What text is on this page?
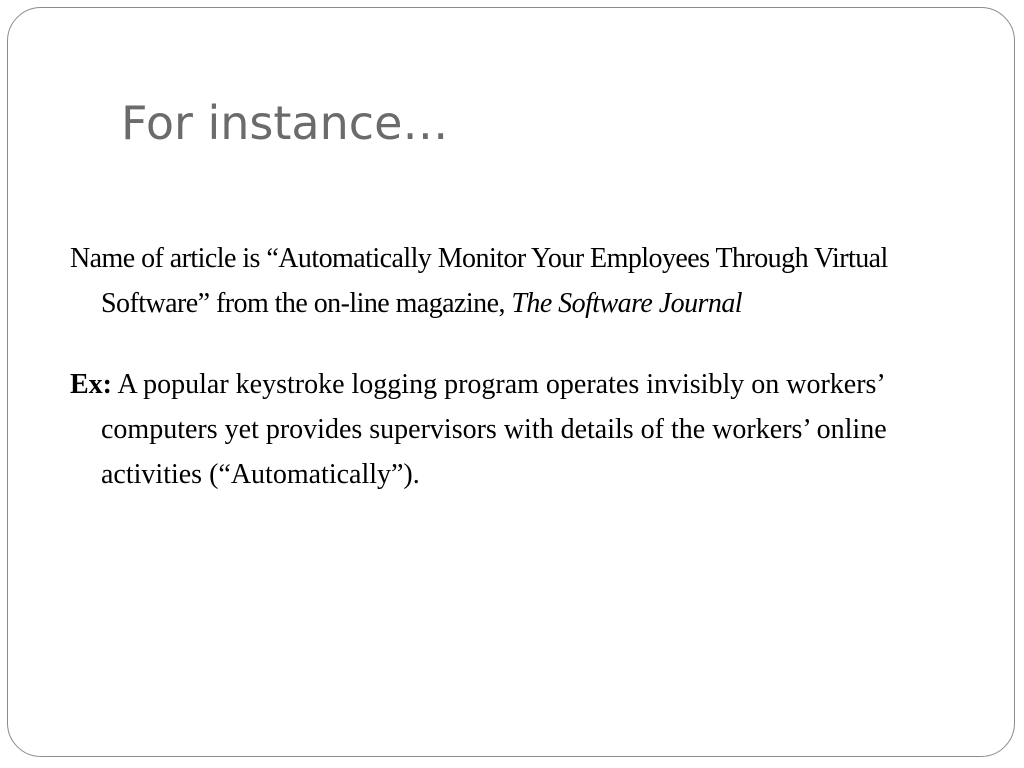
For instance…

Name of article is “Automatically Monitor Your Employees Through Virtual Software” from the on-line magazine, The Software Journal

Ex: A popular keystroke logging program operates invisibly on workers’ computers yet provides supervisors with details of the workers’ online activities (“Automatically”).
